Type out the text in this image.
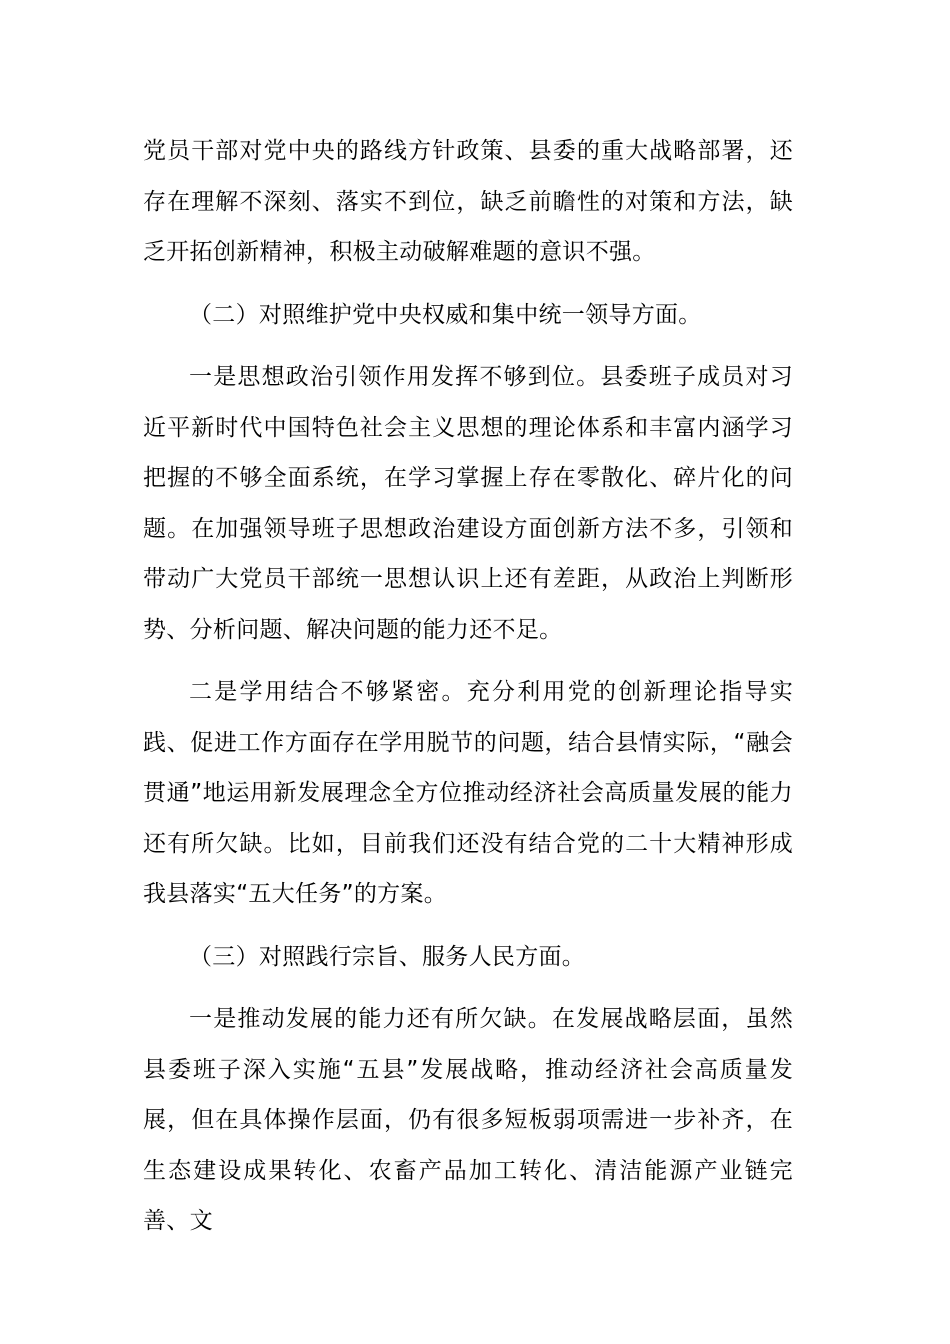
党员干部对党中央的路线方针政策、县委的重大战略部署，还存在理解不深刻、落实不到位，缺乏前瞻性的对策和方法，缺乏开拓创新精神，积极主动破解难题的意识不强。

（二）对照维护党中央权威和集中统一领导方面。

一是思想政治引领作用发挥不够到位。县委班子成员对习近平新时代中国特色社会主义思想的理论体系和丰富内涵学习把握的不够全面系统，在学习掌握上存在零散化、碎片化的问题。在加强领导班子思想政治建设方面创新方法不多，引领和带动广大党员干部统一思想认识上还有差距，从政治上判断形势、分析问题、解决问题的能力还不足。

二是学用结合不够紧密。充分利用党的创新理论指导实践、促进工作方面存在学用脱节的问题，结合县情实际，“融会贯通”地运用新发展理念全方位推动经济社会高质量发展的能力还有所欠缺。比如，目前我们还没有结合党的二十大精神形成我县落实“五大任务”的方案。

（三）对照践行宗旨、服务人民方面。

一是推动发展的能力还有所欠缺。在发展战略层面，虽然县委班子深入实施“五县”发展战略，推动经济社会高质量发展，但在具体操作层面，仍有很多短板弱项需进一步补齐，在生态建设成果转化、农畜产品加工转化、清洁能源产业链完善、文
